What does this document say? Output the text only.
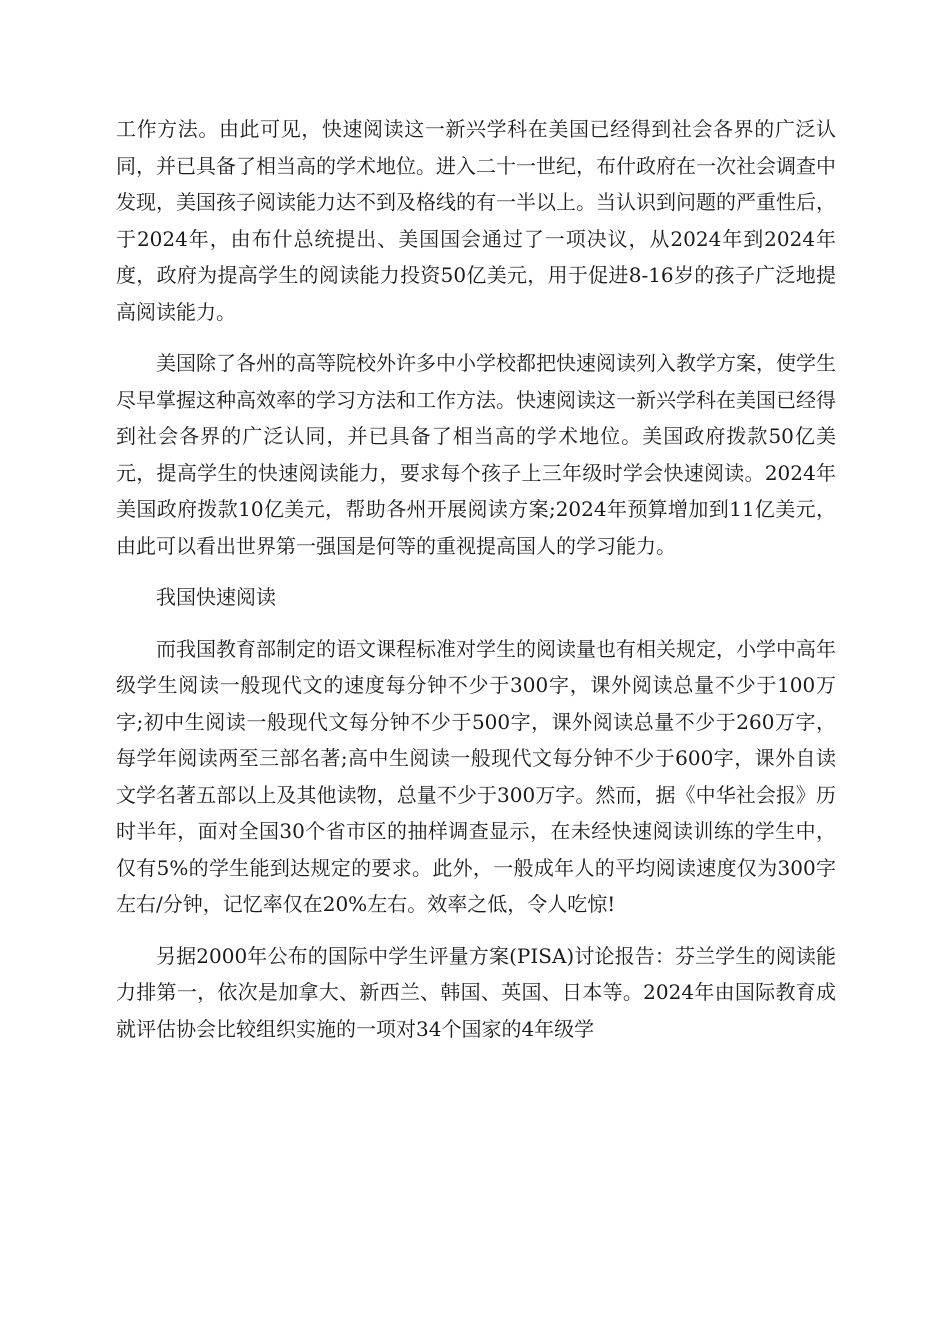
工作方法。由此可见，快速阅读这一新兴学科在美国已经得到社会各界的广泛认同，并已具备了相当高的学术地位。进入二十一世纪，布什政府在一次社会调查中发现，美国孩子阅读能力达不到及格线的有一半以上。当认识到问题的严重性后，于2024年，由布什总统提出、美国国会通过了一项决议，从2024年到2024年度，政府为提高学生的阅读能力投资50亿美元，用于促进8-16岁的孩子广泛地提高阅读能力。

美国除了各州的高等院校外许多中小学校都把快速阅读列入教学方案，使学生尽早掌握这种高效率的学习方法和工作方法。快速阅读这一新兴学科在美国已经得到社会各界的广泛认同，并已具备了相当高的学术地位。美国政府拨款50亿美元，提高学生的快速阅读能力，要求每个孩子上三年级时学会快速阅读。2024年美国政府拨款10亿美元，帮助各州开展阅读方案;2024年预算增加到11亿美元，由此可以看出世界第一强国是何等的重视提高国人的学习能力。

我国快速阅读

而我国教育部制定的语文课程标准对学生的阅读量也有相关规定，小学中高年级学生阅读一般现代文的速度每分钟不少于300字，课外阅读总量不少于100万字;初中生阅读一般现代文每分钟不少于500字，课外阅读总量不少于260万字，每学年阅读两至三部名著;高中生阅读一般现代文每分钟不少于600字，课外自读文学名著五部以上及其他读物，总量不少于300万字。然而，据《中华社会报》历时半年，面对全国30个省市区的抽样调查显示，在未经快速阅读训练的学生中，仅有5%的学生能到达规定的要求。此外，一般成年人的平均阅读速度仅为300字左右/分钟，记忆率仅在20%左右。效率之低，令人吃惊!

另据2000年公布的国际中学生评量方案(PISA)讨论报告：芬兰学生的阅读能力排第一，依次是加拿大、新西兰、韩国、英国、日本等。2024年由国际教育成就评估协会比较组织实施的一项对34个国家的4年级学
